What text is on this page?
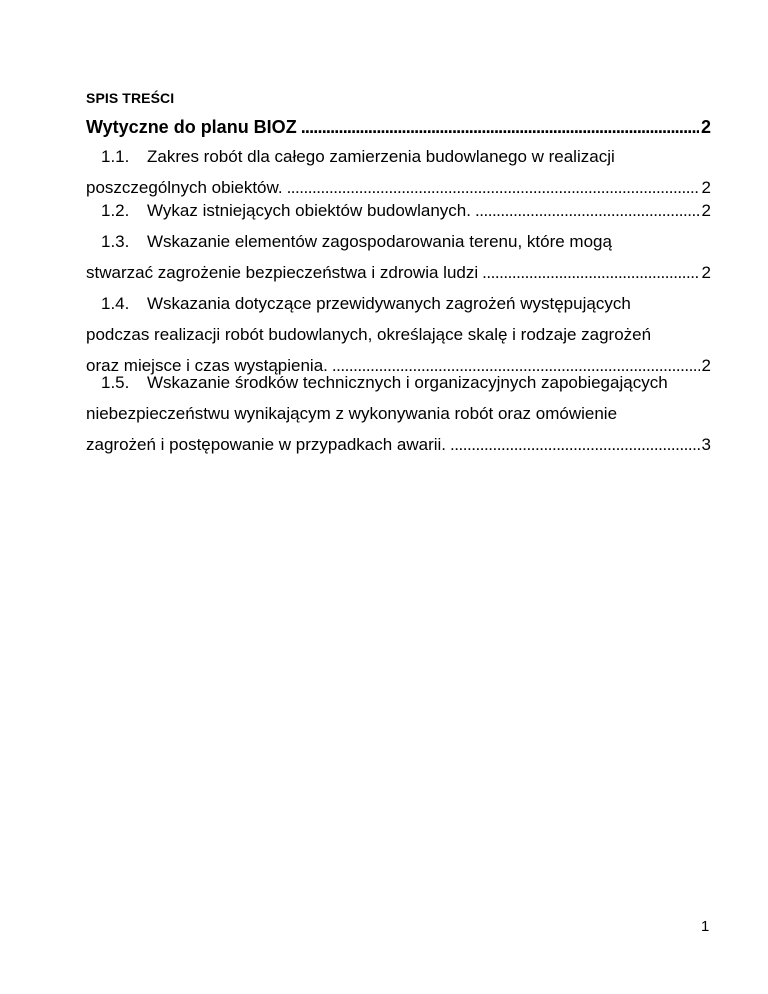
SPIS TREŚCI
Wytyczne do planu BIOZ . . .	2
1.1.	Zakres robót dla całego zamierzenia budowlanego w realizacji
poszczególnych obiektów. . . .	2
1.2.	Wykaz istniejących obiektów budowlanych. . . .	2
1.3.	Wskazanie elementów zagospodarowania terenu, które mogą
stwarzać zagrożenie bezpieczeństwa i zdrowia ludzi . . .	2
1.4.	Wskazania dotyczące przewidywanych zagrożeń występujących
podczas realizacji robót budowlanych, określające skalę i rodzaje zagrożeń
oraz miejsce i czas wystąpienia. . . .	2
1.5.	Wskazanie środków technicznych i organizacyjnych zapobiegających
niebezpieczeństwu wynikającym z wykonywania robót oraz omówienie
zagrożeń i postępowanie w przypadkach awarii. . . .	3
1
